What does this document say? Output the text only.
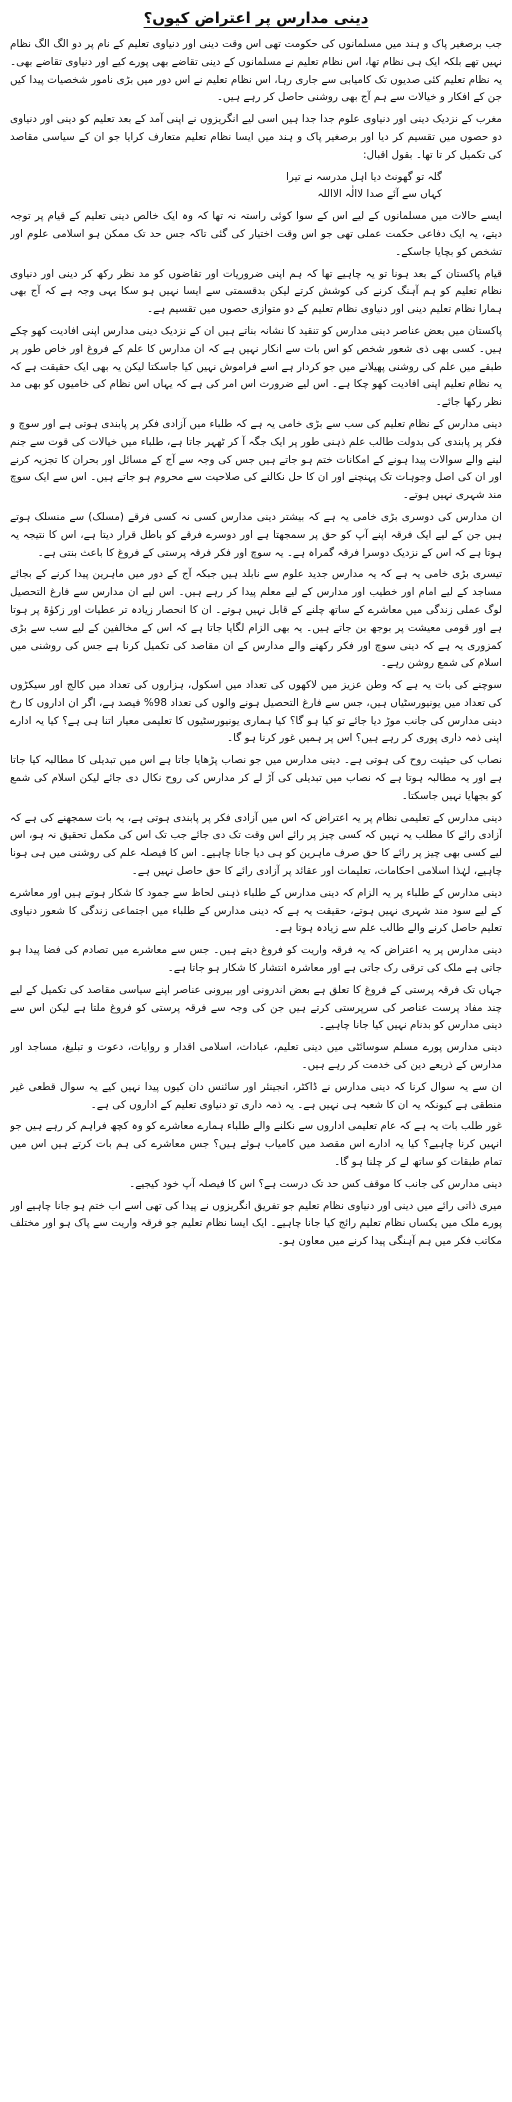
دینی مدارس پر اعتراض کیوں؟

جب برصغیر پاک و ہند میں مسلمانوں کی حکومت تھی اس وقت دینی اور دنیاوی تعلیم کے نام پر دو الگ الگ نظام نہیں تھے بلکہ ایک ہی نظام تھا، اس نظام تعلیم نے مسلمانوں کے دینی تقاضے بھی پورے کیے اور دنیاوی تقاضے بھی۔ یہ نظام تعلیم کئی صدیوں تک کامیابی سے جاری رہا، اس نظام تعلیم نے اس دور میں بڑی نامور شخصیات پیدا کیں جن کے افکار و خیالات سے ہم آج بھی روشنی حاصل کر رہے ہیں۔

مغرب کے نزدیک دینی اور دنیاوی علوم جدا جدا ہیں اسی لیے انگریزوں نے اپنی آمد کے بعد تعلیم کو دینی اور دنیاوی دو حصوں میں تقسیم کر دیا اور برصغیر پاک و ہند میں ایسا نظام تعلیم متعارف کرایا جو ان کے سیاسی مقاصد کی تکمیل کر تا تھا۔ بقول اقبال:

گلہ تو گھونٹ دیا اہل مدرسہ نے تیرا
کہاں سے آئے صدا لاالٰہ الااللہ

ایسے حالات میں مسلمانوں کے لیے اس کے سوا کوئی راستہ نہ تھا کہ وہ ایک خالص دینی تعلیم کے قیام پر توجہ دیتے، یہ ایک دفاعی حکمت عملی تھی جو اس وقت اختیار کی گئی تاکہ جس حد تک ممکن ہو اسلامی علوم اور تشخص کو بچایا جاسکے۔

قیام پاکستان کے بعد ہونا تو یہ چاہیے تھا کہ ہم اپنی ضروریات اور تقاضوں کو مد نظر رکھ کر دینی اور دنیاوی نظام تعلیم کو ہم آہنگ کرنے کی کوشش کرتے لیکن بدقسمتی سے ایسا نہیں ہو سکا یہی وجہ ہے کہ آج بھی ہمارا نظام تعلیم دینی اور دنیاوی نظام تعلیم کے دو متوازی حصوں میں تقسیم ہے۔

پاکستان میں بعض عناصر دینی مدارس کو تنقید کا نشانہ بناتے ہیں ان کے نزدیک دینی مدارس اپنی افادیت کھو چکے ہیں۔ کسی بھی ذی شعور شخص کو اس بات سے انکار نہیں ہے کہ ان مدارس کا علم کے فروغ اور خاص طور پر طبقے میں علم کی روشنی پھیلانے میں جو کردار ہے اسے فراموش نہیں کیا جاسکتا لیکن یہ بھی ایک حقیقت ہے کہ یہ نظام تعلیم اپنی افادیت کھو چکا ہے۔ اس لیے ضرورت اس امر کی ہے کہ یہاں اس نظام کی خامیوں کو بھی مد نظر رکھا جائے۔

دینی مدارس کے نظام تعلیم کی سب سے بڑی خامی یہ ہے کہ طلباء میں آزادی فکر پر پابندی ہوتی ہے اور سوچ و فکر پر پابندی کی بدولت طالب علم ذہنی طور پر ایک جگہ آ کر ٹھہر جاتا ہے، طلباء میں خیالات کی قوت سے جنم لینے والے سوالات پیدا ہونے کے امکانات ختم ہو جاتے ہیں جس کی وجہ سے آج کے مسائل اور بحران کا تجزیہ کرنے اور ان کی اصل وجوہات تک پہنچنے اور ان کا حل نکالنے کی صلاحیت سے محروم ہو جاتے ہیں۔ اس سے ایک سوچ مند شہری نہیں ہوتے۔

ان مدارس کی دوسری بڑی خامی یہ ہے کہ بیشتر دینی مدارس کسی نہ کسی فرقے (مسلک) سے منسلک ہوتے ہیں جن کے لیے ایک فرقہ اپنے آپ کو حق پر سمجھتا ہے اور دوسرے فرقے کو باطل قرار دیتا ہے، اس کا نتیجہ یہ ہوتا ہے کہ اس کے نزدیک دوسرا فرقہ گمراہ ہے۔ یہ سوچ اور فکر فرقہ پرستی کے فروغ کا باعث بنتی ہے۔

تیسری بڑی خامی یہ ہے کہ یہ مدارس جدید علوم سے نابلد ہیں جبکہ آج کے دور میں ماہرین پیدا کرنے کے بجائے مساجد کے لیے امام اور خطیب اور مدارس کے لیے معلم پیدا کر رہے ہیں۔ اس لیے ان مدارس سے فارغ التحصیل لوگ عملی زندگی میں معاشرے کے ساتھ چلنے کے قابل نہیں ہوتے۔ ان کا انحصار زیادہ تر عطیات اور زکوٰۃ پر ہوتا ہے اور قومی معیشت پر بوجھ بن جاتے ہیں۔ یہ بھی الزام لگایا جاتا ہے کہ اس کے مخالفین کے لیے سب سے بڑی کمزوری یہ ہے کہ دینی سوچ اور فکر رکھنے والے مدارس کے ان مقاصد کی تکمیل کرنا ہے جس کی روشنی میں اسلام کی شمع روشن رہے۔

سوچنے کی بات یہ ہے کہ وطن عزیز میں لاکھوں کی تعداد میں اسکول، ہزاروں کی تعداد میں کالج اور سیکڑوں کی تعداد میں یونیورسٹیاں ہیں، جس سے فارغ التحصیل ہونے والوں کی تعداد 98% فیصد ہے، اگر ان اداروں کا رخ دینی مدارس کی جانب موڑ دیا جائے تو کیا ہو گا؟ کیا ہماری یونیورسٹیوں کا تعلیمی معیار اتنا ہی ہے؟ کیا یہ ادارے اپنی ذمہ داری پوری کر رہے ہیں؟ اس پر ہمیں غور کرنا ہو گا۔

نصاب کی حیثیت روح کی ہوتی ہے۔ دینی مدارس میں جو نصاب پڑھایا جاتا ہے اس میں تبدیلی کا مطالبہ کیا جاتا ہے اور یہ مطالبہ ہوتا ہے کہ نصاب میں تبدیلی کی آڑ لے کر مدارس کی روح نکال دی جائے لیکن اسلام کی شمع کو بجھایا نہیں جاسکتا۔

دینی مدارس کے تعلیمی نظام پر یہ اعتراض کہ اس میں آزادی فکر پر پابندی ہوتی ہے، یہ بات سمجھنے کی ہے کہ آزادی رائے کا مطلب یہ نہیں کہ کسی چیز پر رائے اس وقت تک دی جائے جب تک اس کی مکمل تحقیق نہ ہو، اس لیے کسی بھی چیز پر رائے کا حق صرف ماہرین کو ہی دیا جانا چاہیے۔ اس کا فیصلہ علم کی روشنی میں ہی ہونا چاہیے، لہٰذا اسلامی احکامات، تعلیمات اور عقائد پر آزادی رائے کا حق حاصل نہیں ہے۔

دینی مدارس کے طلباء پر یہ الزام کہ دینی مدارس کے طلباء ذہنی لحاظ سے جمود کا شکار ہوتے ہیں اور معاشرے کے لیے سود مند شہری نہیں ہوتے، حقیقت یہ ہے کہ دینی مدارس کے طلباء میں اجتماعی زندگی کا شعور دنیاوی تعلیم حاصل کرنے والے طالب علم سے زیادہ ہوتا ہے۔

دینی مدارس پر یہ اعتراض کہ یہ فرقہ واریت کو فروغ دیتے ہیں۔ جس سے معاشرے میں تصادم کی فضا پیدا ہو جاتی ہے ملک کی ترقی رک جاتی ہے اور معاشرہ انتشار کا شکار ہو جاتا ہے۔

جہاں تک فرقہ پرستی کے فروغ کا تعلق ہے بعض اندرونی اور بیرونی عناصر اپنے سیاسی مقاصد کی تکمیل کے لیے چند مفاد پرست عناصر کی سرپرستی کرتے ہیں جن کی وجہ سے فرقہ پرستی کو فروغ ملتا ہے لیکن اس سے دینی مدارس کو بدنام نہیں کیا جانا چاہیے۔

دینی مدارس پورے مسلم سوسائٹی میں دینی تعلیم، عبادات، اسلامی اقدار و روایات، دعوت و تبلیغ، مساجد اور مدارس کے ذریعے دین کی خدمت کر رہے ہیں۔

ان سے یہ سوال کرنا کہ دینی مدارس نے ڈاکٹر، انجینئر اور سائنس دان کیوں پیدا نہیں کیے یہ سوال قطعی غیر منطقی ہے کیونکہ یہ ان کا شعبہ ہی نہیں ہے۔ یہ ذمہ داری تو دنیاوی تعلیم کے اداروں کی ہے۔

غور طلب بات یہ ہے کہ عام تعلیمی اداروں سے نکلنے والے طلباء ہمارے معاشرے کو وہ کچھ فراہم کر رہے ہیں جو انہیں کرنا چاہیے؟ کیا یہ ادارے اس مقصد میں کامیاب ہوئے ہیں؟ جس معاشرے کی ہم بات کرتے ہیں اس میں تمام طبقات کو ساتھ لے کر چلنا ہو گا۔

دینی مدارس کی جانب کا موقف کس حد تک درست ہے؟ اس کا فیصلہ آپ خود کیجیے۔

میری ذاتی رائے میں دینی اور دنیاوی نظام تعلیم جو تفریق انگریزوں نے پیدا کی تھی اسے اب ختم ہو جانا چاہیے اور پورے ملک میں یکساں نظام تعلیم رائج کیا جانا چاہیے۔ ایک ایسا نظام تعلیم جو فرقہ واریت سے پاک ہو اور مختلف مکاتب فکر میں ہم آہنگی پیدا کرنے میں معاون ہو۔
